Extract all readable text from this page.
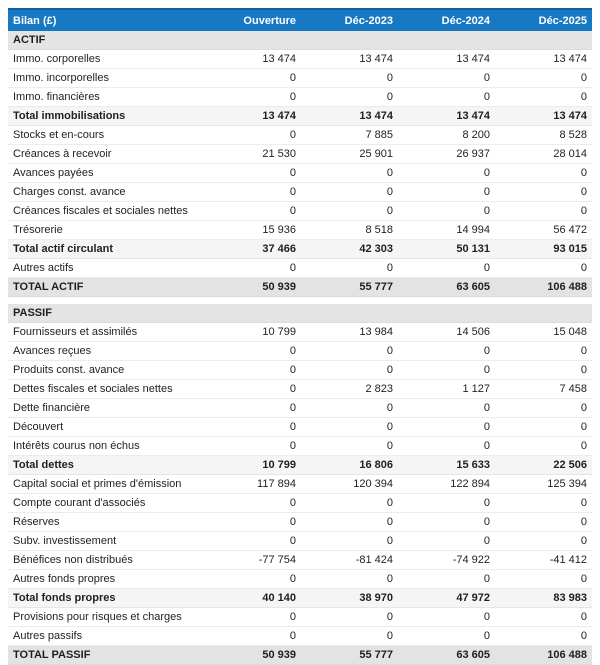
Bilan (£)	Ouverture	Déc-2023	Déc-2024	Déc-2025
ACTIF				
Immo. corporelles	13 474	13 474	13 474	13 474
Immo. incorporelles	0	0	0	0
Immo. financières	0	0	0	0
Total immobilisations	13 474	13 474	13 474	13 474
Stocks et en-cours	0	7 885	8 200	8 528
Créances à recevoir	21 530	25 901	26 937	28 014
Avances payées	0	0	0	0
Charges const. avance	0	0	0	0
Créances fiscales et sociales nettes	0	0	0	0
Trésorerie	15 936	8 518	14 994	56 472
Total actif circulant	37 466	42 303	50 131	93 015
Autres actifs	0	0	0	0
TOTAL ACTIF	50 939	55 777	63 605	106 488

PASSIF				
Fournisseurs et assimilés	10 799	13 984	14 506	15 048
Avances reçues	0	0	0	0
Produits const. avance	0	0	0	0
Dettes fiscales et sociales nettes	0	2 823	1 127	7 458
Dette financière	0	0	0	0
Découvert	0	0	0	0
Intérêts courus non échus	0	0	0	0
Total dettes	10 799	16 806	15 633	22 506
Capital social et primes d'émission	117 894	120 394	122 894	125 394
Compte courant d'associés	0	0	0	0
Réserves	0	0	0	0
Subv. investissement	0	0	0	0
Bénéfices non distribués	-77 754	-81 424	-74 922	-41 412
Autres fonds propres	0	0	0	0
Total fonds propres	40 140	38 970	47 972	83 983
Provisions pour risques et charges	0	0	0	0
Autres passifs	0	0	0	0
TOTAL PASSIF	50 939	55 777	63 605	106 488
